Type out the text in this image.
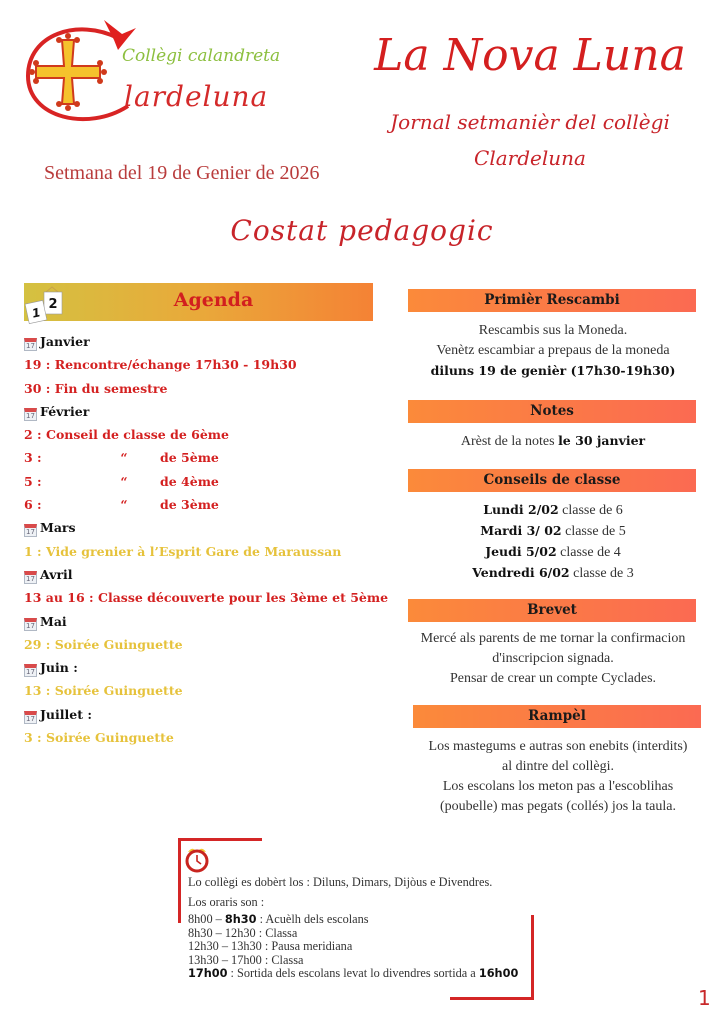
Collègi calandreta
lardeluna
La Nova Luna
Jornal setmanièr del collègi
Clardeluna
Setmana del 19 de Genier de 2026
Costat pedagogic
2
1
Agenda
17 Janvier
19 : Rencontre/échange 17h30 - 19h30
30 : Fin du semestre
17 Février
2 : Conseil de classe de 6ème
3 :	“	de 5ème
5 :	“	de 4ème
6 :	“	de 3ème
17 Mars
1 : Vide grenier à l’Esprit Gare de Maraussan
17 Avril
13 au 16 : Classe découverte pour les 3ème et 5ème
17 Mai
29 : Soirée Guinguette
17 Juin :
13 : Soirée Guinguette
17 Juillet :
3 : Soirée Guinguette
Primièr Rescambi
Rescambis sus la Moneda.
Venètz escambiar a prepaus de la moneda
diluns 19 de genièr (17h30-19h30)
Notes
Arèst de la notes le 30 janvier
Conseils de classe
Lundi 2/02 classe de 6
Mardi 3/ 02 classe de 5
Jeudi 5/02 classe de 4
Vendredi 6/02 classe de 3
Brevet
Mercé als parents de me tornar la confirmacion
d'inscripcion signada.
Pensar de crear un compte Cyclades.
Rampèl
Los mastegums e autras son enebits (interdits)
al dintre del collègi.
Los escolans los meton pas a l'escoblihas
(poubelle) mas pegats (collés) jos la taula.

Lo collègi es dobèrt los : Diluns, Dimars, Dijòus e Divendres.

Los oraris son :

8h00 – 8h30 : Acuèlh dels escolans

8h30 – 12h30 : Classa

12h30 – 13h30 : Pausa meridiana

13h30 – 17h00 : Classa

17h00 : Sortida dels escolans levat lo divendres sortida a 16h00

1
